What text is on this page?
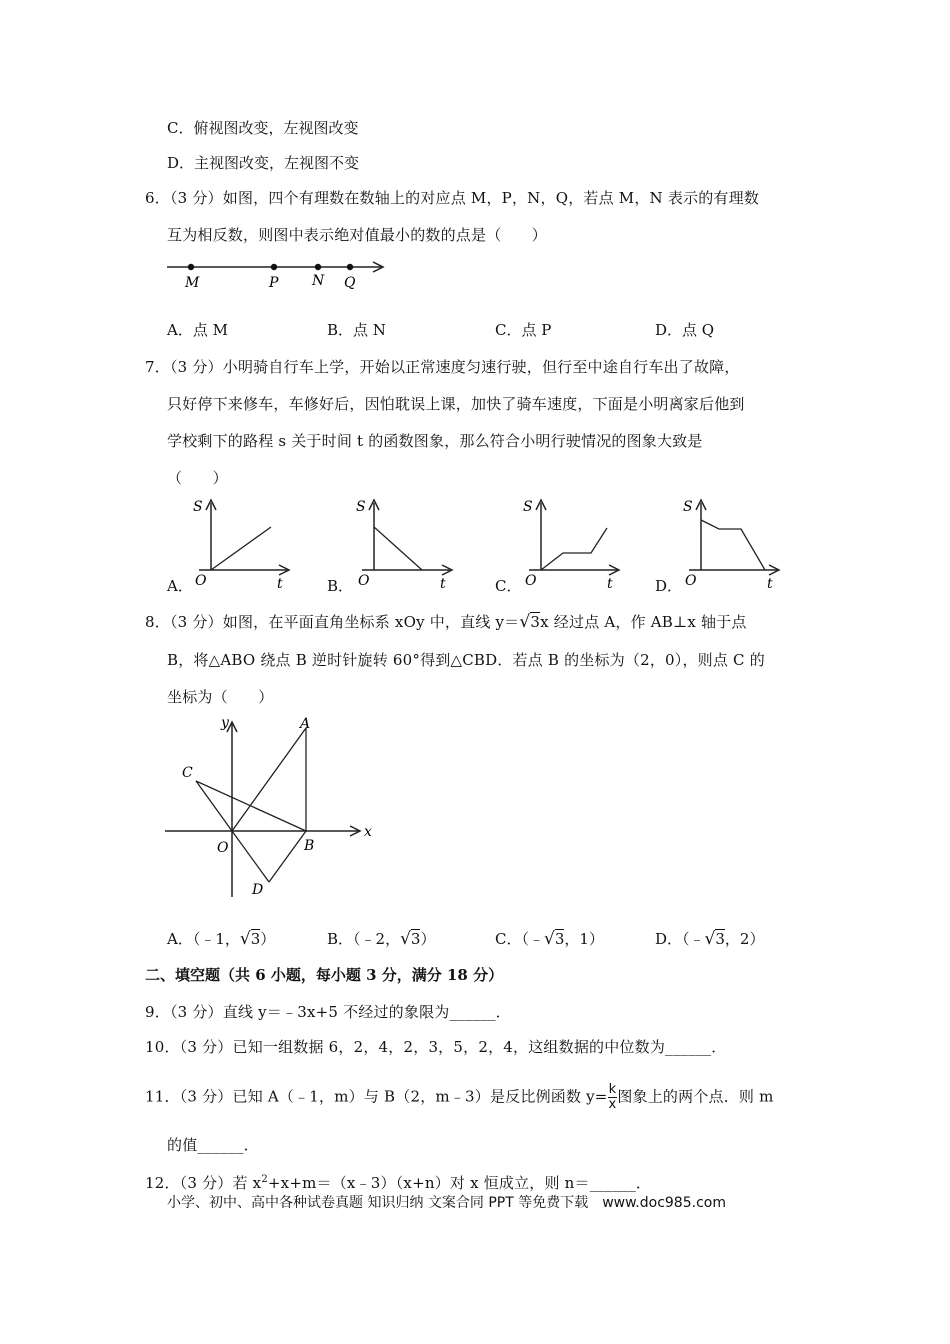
C．俯视图改变，左视图改变
D．主视图改变，左视图不变
6．（3 分）如图，四个有理数在数轴上的对应点 M，P，N，Q，若点 M，N 表示的有理数
互为相反数，则图中表示绝对值最小的数的点是（　　）
M	P N Q
A．点 M	B．点 N	C．点 P	D．点 Q
7．（3 分）小明骑自行车上学，开始以正常速度匀速行驶，但行至中途自行车出了故障，
只好停下来修车，车修好后，因怕耽误上课，加快了骑车速度，下面是小明离家后他到
学校剩下的路程 s 关于时间 t 的函数图象，那么符合小明行驶情况的图象大致是
（　　）
S
t
O
A．
S
t
O
B．
S
t
O
C．
S
t
O
D．
8．（3 分）如图，在平面直角坐标系 xOy 中，直线 y＝√3x 经过点 A，作 AB⊥x 轴于点
B，将△ABO 绕点 B 逆时针旋转 60°得到△CBD．若点 B 的坐标为（2，0），则点 C 的
坐标为（　　）
y
x
A
B
C
D
O
A．（﹣1，√3）	B．（﹣2，√3）	C．（﹣√3，1）	D．（﹣√3，2）
二、填空题（共 6 小题，每小题 3 分，满分 18 分）
9．（3 分）直线 y＝﹣3x+5 不经过的象限为______．
10．（3 分）已知一组数据 6，2，4，2，3，5，2，4，这组数据的中位数为______．
11．（3 分）已知 A（﹣1，m）与 B（2，m﹣3）是反比例函数 $y= \frac{k}{x}$ 图象上的两个点．则 m
的值______．
12．（3 分）若 $x^2+x+m=(x﹣3)(x+n)$对 x 恒成立，则 n＝______．
小学、初中、高中各种试卷真题 知识归纳 文案合同 PPT 等免费下载　www.doc985.com
